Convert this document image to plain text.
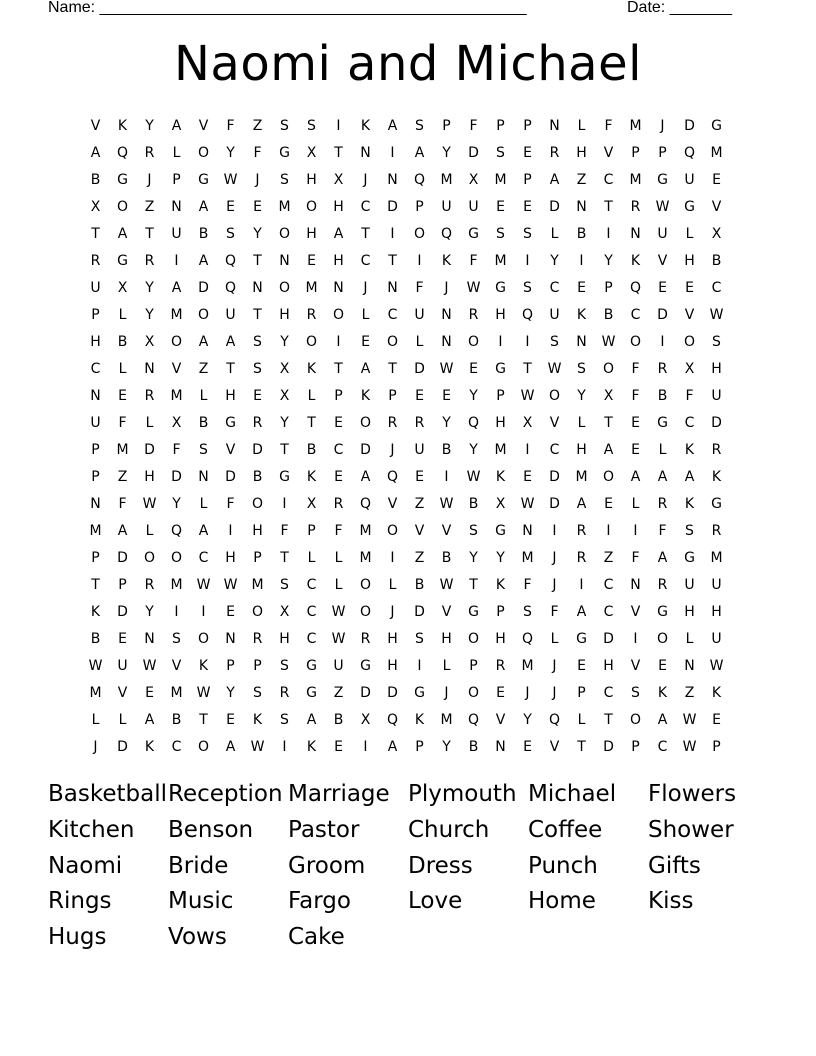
Name: ________________________________________________	Date: _______
Naomi and Michael
V	K	Y	A	V	F	Z	S	S	I	K	A	S	P	F	P	P	N	L	F	M	J	D	G
A	Q	R	L	O	Y	F	G	X	T	N	I	A	Y	D	S	E	R	H	V	P	P	Q	M
B	G	J	P	G	W	J	S	H	X	J	N	Q	M	X	M	P	A	Z	C	M	G	U	E
X	O	Z	N	A	E	E	M	O	H	C	D	P	U	U	E	E	D	N	T	R	W	G	V
T	A	T	U	B	S	Y	O	H	A	T	I	O	Q	G	S	S	L	B	I	N	U	L	X
R	G	R	I	A	Q	T	N	E	H	C	T	I	K	F	M	I	Y	I	Y	K	V	H	B
U	X	Y	A	D	Q	N	O	M	N	J	N	F	J	W	G	S	C	E	P	Q	E	E	C
P	L	Y	M	O	U	T	H	R	O	L	C	U	N	R	H	Q	U	K	B	C	D	V	W
H	B	X	O	A	A	S	Y	O	I	E	O	L	N	O	I	I	S	N	W	O	I	O	S
C	L	N	V	Z	T	S	X	K	T	A	T	D	W	E	G	T	W	S	O	F	R	X	H
N	E	R	M	L	H	E	X	L	P	K	P	E	E	Y	P	W	O	Y	X	F	B	F	U
U	F	L	X	B	G	R	Y	T	E	O	R	R	Y	Q	H	X	V	L	T	E	G	C	D
P	M	D	F	S	V	D	T	B	C	D	J	U	B	Y	M	I	C	H	A	E	L	K	R
P	Z	H	D	N	D	B	G	K	E	A	Q	E	I	W	K	E	D	M	O	A	A	A	K
N	F	W	Y	L	F	O	I	X	R	Q	V	Z	W	B	X	W	D	A	E	L	R	K	G
M	A	L	Q	A	I	H	F	P	F	M	O	V	V	S	G	N	I	R	I	I	F	S	R
P	D	O	O	C	H	P	T	L	L	M	I	Z	B	Y	Y	M	J	R	Z	F	A	G	M
T	P	R	M	W W	M	S	C	L	O	L	B	W	T	K	F	J	I	C	N	R	U	U
K	D	Y	I	I	E	O	X	C	W	O	J	D	V	G	P	S	F	A	C	V	G	H	H
B	E	N	S	O	N	R	H	C	W	R	H	S	H	O	H	Q	L	G	D	I	O	L	U
W	U	W	V	K	P	P	S	G	U	G	H	I	L	P	R	M	J	E	H	V	E	N	W
M	V	E	M	W	Y	S	R	G	Z	D	D	G	J	O	E	J	J	P	C	S	K	Z	K
L	L	A	B	T	E	K	S	A	B	X	Q	K	M	Q	V	Y	Q	L	T	O	A	W	E
J	D	K	C	O	A	W	I	K	E	I	A	P	Y	B	N	E	V	T	D	P	C	W	P
Basketball Reception Marriage Plymouth Michael	Flowers
Kitchen	Benson	Pastor	Church	Coffee	Shower
Naomi	Bride	Groom	Dress	Punch	Gifts
Rings	Music	Fargo	Love	Home	Kiss
Hugs	Vows	Cake
